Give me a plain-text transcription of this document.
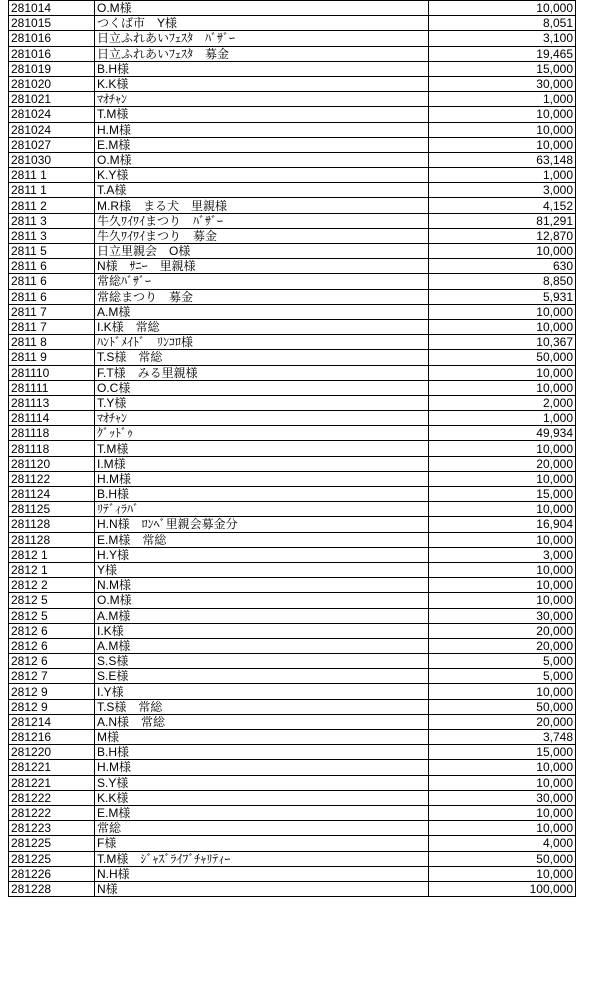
281014	O.M様	10,000
281015	つくば市　Y様	8,051
281016	日立ふれあいﾌｪｽﾀ　ﾊﾞｻﾞｰ	3,100
281016	日立ふれあいﾌｪｽﾀ　募金	19,465
281019	B.H様	15,000
281020	K.K様	30,000
281021	ﾏｵﾁｬﾝ	1,000
281024	T.M様	10,000
281024	H.M様	10,000
281027	E.M様	10,000
281030	O.M様	63,148
2811 1	K.Y様	1,000
2811 1	T.A様	3,000
2811 2	M.R様　まる犬　里親様	4,152
2811 3	牛久ﾜｲﾜｲまつり　ﾊﾞｻﾞｰ	81,291
2811 3	牛久ﾜｲﾜｲまつり　募金	12,870
2811 5	日立里親会　O様	10,000
2811 6	N様　ｻﾆｰ　里親様	630
2811 6	常総ﾊﾞｻﾞｰ	8,850
2811 6	常総まつり　募金	5,931
2811 7	A.M様	10,000
2811 7	I.K様　常総	10,000
2811 8	ﾊﾝﾄﾞﾒｲﾄﾞ　ﾘﾝｺﾛ様	10,367
2811 9	T.S様　常総	50,000
281110	F.T様　みる里親様	10,000
281111	O.C様	10,000
281113	T.Y様	2,000
281114	ﾏｵﾁｬﾝ	1,000
281118	ｸﾞｯﾄﾞｩ	49,934
281118	T.M様	10,000
281120	I.M様	20,000
281122	H.M様	10,000
281124	B.H様	15,000
281125	ﾘﾃﾞｨﾗﾊﾞ	10,000
281128	H.N様　ﾛﾝﾍﾞ里親会募金分	16,904
281128	E.M様　常総	10,000
2812 1	H.Y様	3,000
2812 1	Y様	10,000
2812 2	N.M様	10,000
2812 5	O.M様	10,000
2812 5	A.M様	30,000
2812 6	I.K様	20,000
2812 6	A.M様	20,000
2812 6	S.S様	5,000
2812 7	S.E様	5,000
2812 9	I.Y様	10,000
2812 9	T.S様　常総	50,000
281214	A.N様　常総	20,000
281216	M様	3,748
281220	B.H様	15,000
281221	H.M様	10,000
281221	S.Y様	10,000
281222	K.K様	30,000
281222	E.M様	10,000
281223	常総	10,000
281225	F様	4,000
281225	T.M様　ｼﾞｬｽﾞﾗｲﾌﾞﾁｬﾘﾃｨｰ	50,000
281226	N.H様	10,000
281228	N様	100,000
